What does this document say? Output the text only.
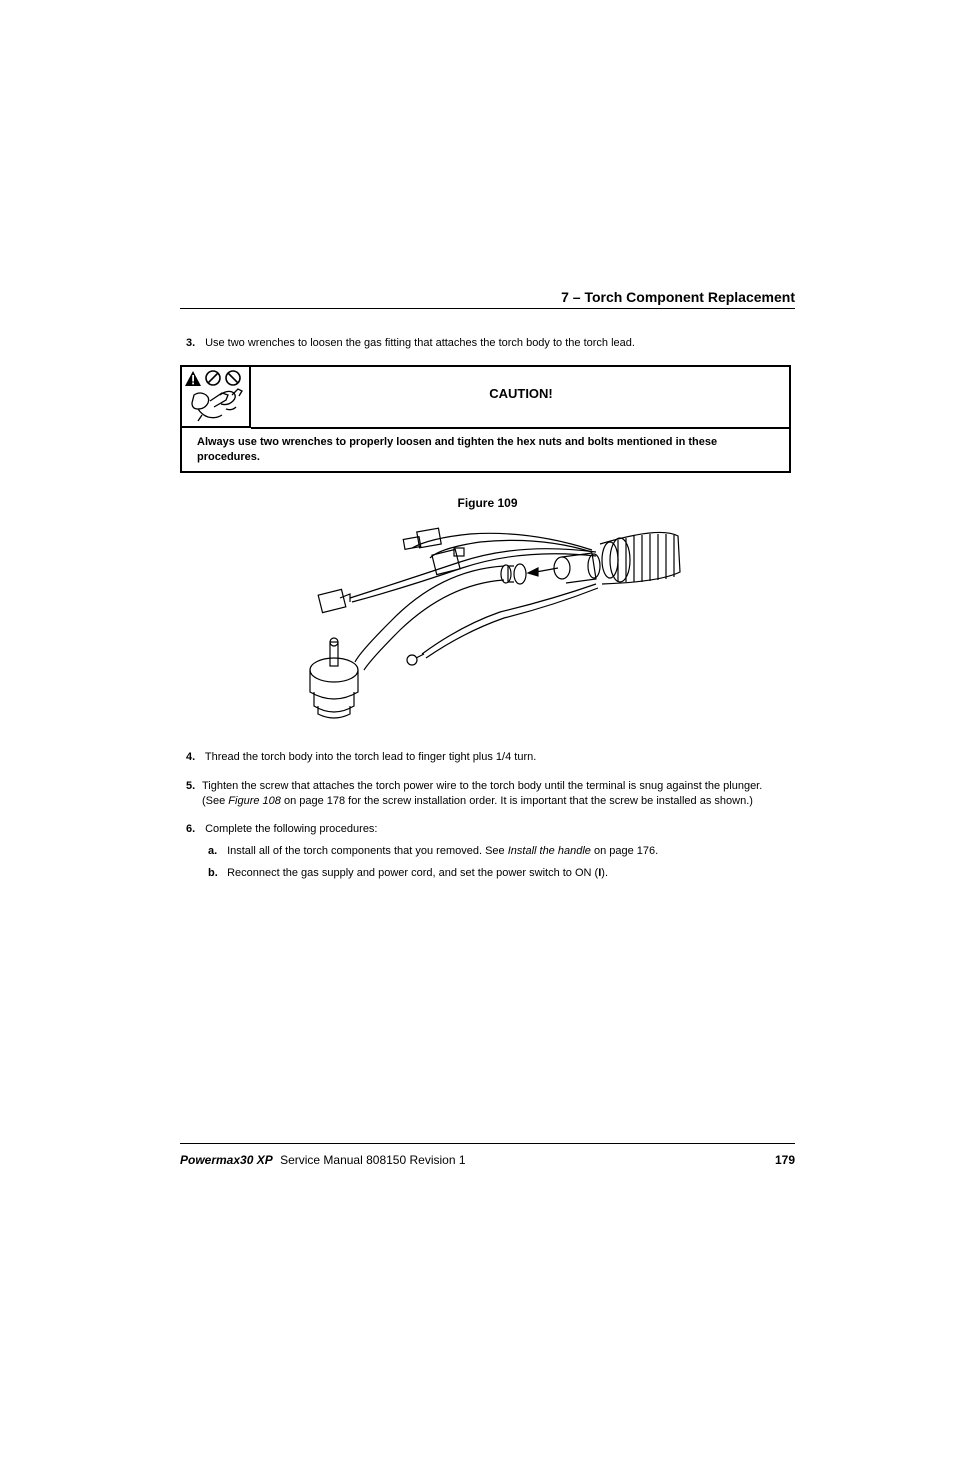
7 – Torch Component Replacement
3. Use two wrenches to loosen the gas fitting that attaches the torch body to the torch lead.
CAUTION!
Always use two wrenches to properly loosen and tighten the hex nuts and bolts mentioned in these procedures.
Figure 109
4. Thread the torch body into the torch lead to finger tight plus 1/4 turn.
5. Tighten the screw that attaches the torch power wire to the torch body until the terminal is snug against the plunger.
(See Figure 108 on page 178 for the screw installation order. It is important that the screw be installed as shown.)
6. Complete the following procedures:
a. Install all of the torch components that you removed. See Install the handle on page 176.
b. Reconnect the gas supply and power cord, and set the power switch to ON (I).
Powermax30 XP Service Manual 808150 Revision 1	179
